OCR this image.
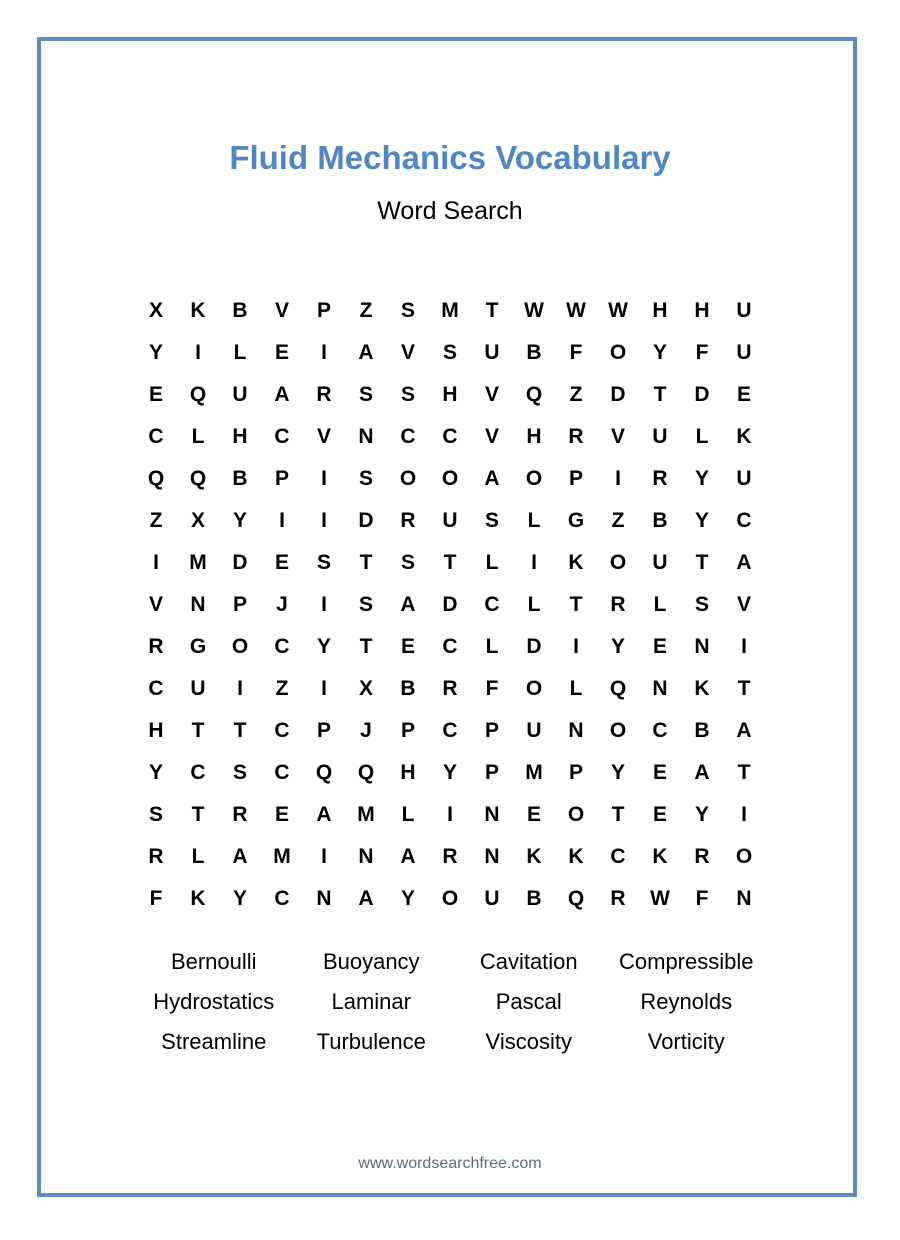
Fluid Mechanics Vocabulary
Word Search
X	K	B	V	P	Z	S	M	T	W	W	W	H	H	U
Y	I	L	E	I	A	V	S	U	B	F	O	Y	F	U
E	Q	U	A	R	S	S	H	V	Q	Z	D	T	D	E
C	L	H	C	V	N	C	C	V	H	R	V	U	L	K
Q	Q	B	P	I	S	O	O	A	O	P	I	R	Y	U
Z	X	Y	I	I	D	R	U	S	L	G	Z	B	Y	C
I	M	D	E	S	T	S	T	L	I	K	O	U	T	A
V	N	P	J	I	S	A	D	C	L	T	R	L	S	V
R	G	O	C	Y	T	E	C	L	D	I	Y	E	N	I
C	U	I	Z	I	X	B	R	F	O	L	Q	N	K	T
H	T	T	C	P	J	P	C	P	U	N	O	C	B	A
Y	C	S	C	Q	Q	H	Y	P	M	P	Y	E	A	T
S	T	R	E	A	M	L	I	N	E	O	T	E	Y	I
R	L	A	M	I	N	A	R	N	K	K	C	K	R	O
F	K	Y	C	N	A	Y	O	U	B	Q	R	W	F	N
Bernoulli	Buoyancy	Cavitation	Compressible
Hydrostatics	Laminar	Pascal	Reynolds
Streamline	Turbulence	Viscosity	Vorticity
www.wordsearchfree.com
